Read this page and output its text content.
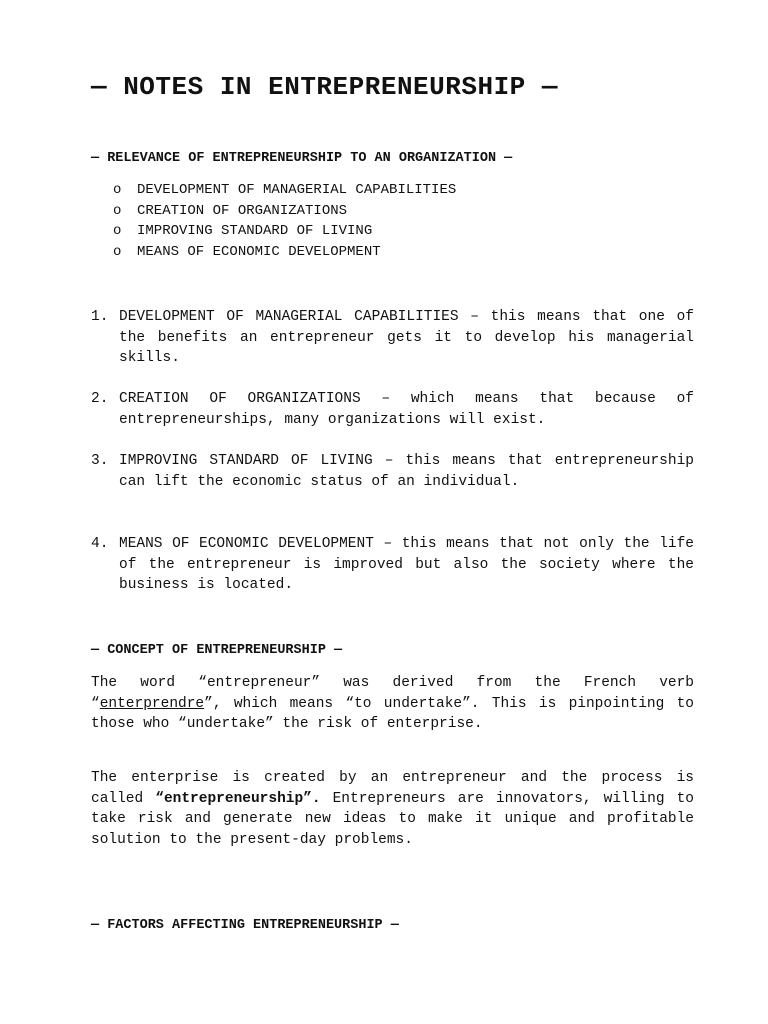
— NOTES IN ENTREPRENEURSHIP —
— RELEVANCE OF ENTREPRENEURSHIP TO AN ORGANIZATION —
o DEVELOPMENT OF MANAGERIAL CAPABILITIES
o CREATION OF ORGANIZATIONS
o IMPROVING STANDARD OF LIVING
o MEANS OF ECONOMIC DEVELOPMENT
1. DEVELOPMENT OF MANAGERIAL CAPABILITIES – this means that one of the benefits an entrepreneur gets it to develop his managerial skills.
2. CREATION OF ORGANIZATIONS – which means that because of entrepreneurships, many organizations will exist.
3. IMPROVING STANDARD OF LIVING – this means that entrepreneurship can lift the economic status of an individual.
4. MEANS OF ECONOMIC DEVELOPMENT – this means that not only the life of the entrepreneur is improved but also the society where the business is located.
— CONCEPT OF ENTREPRENEURSHIP —

The word “entrepreneur” was derived from the French verb “enterprendre”, which means “to undertake”. This is pinpointing to those who “undertake” the risk of enterprise.

The enterprise is created by an entrepreneur and the process is called “entrepreneurship”. Entrepreneurs are innovators, willing to take risk and generate new ideas to make it unique and profitable solution to the present-day problems.

— FACTORS AFFECTING ENTREPRENEURSHIP —
